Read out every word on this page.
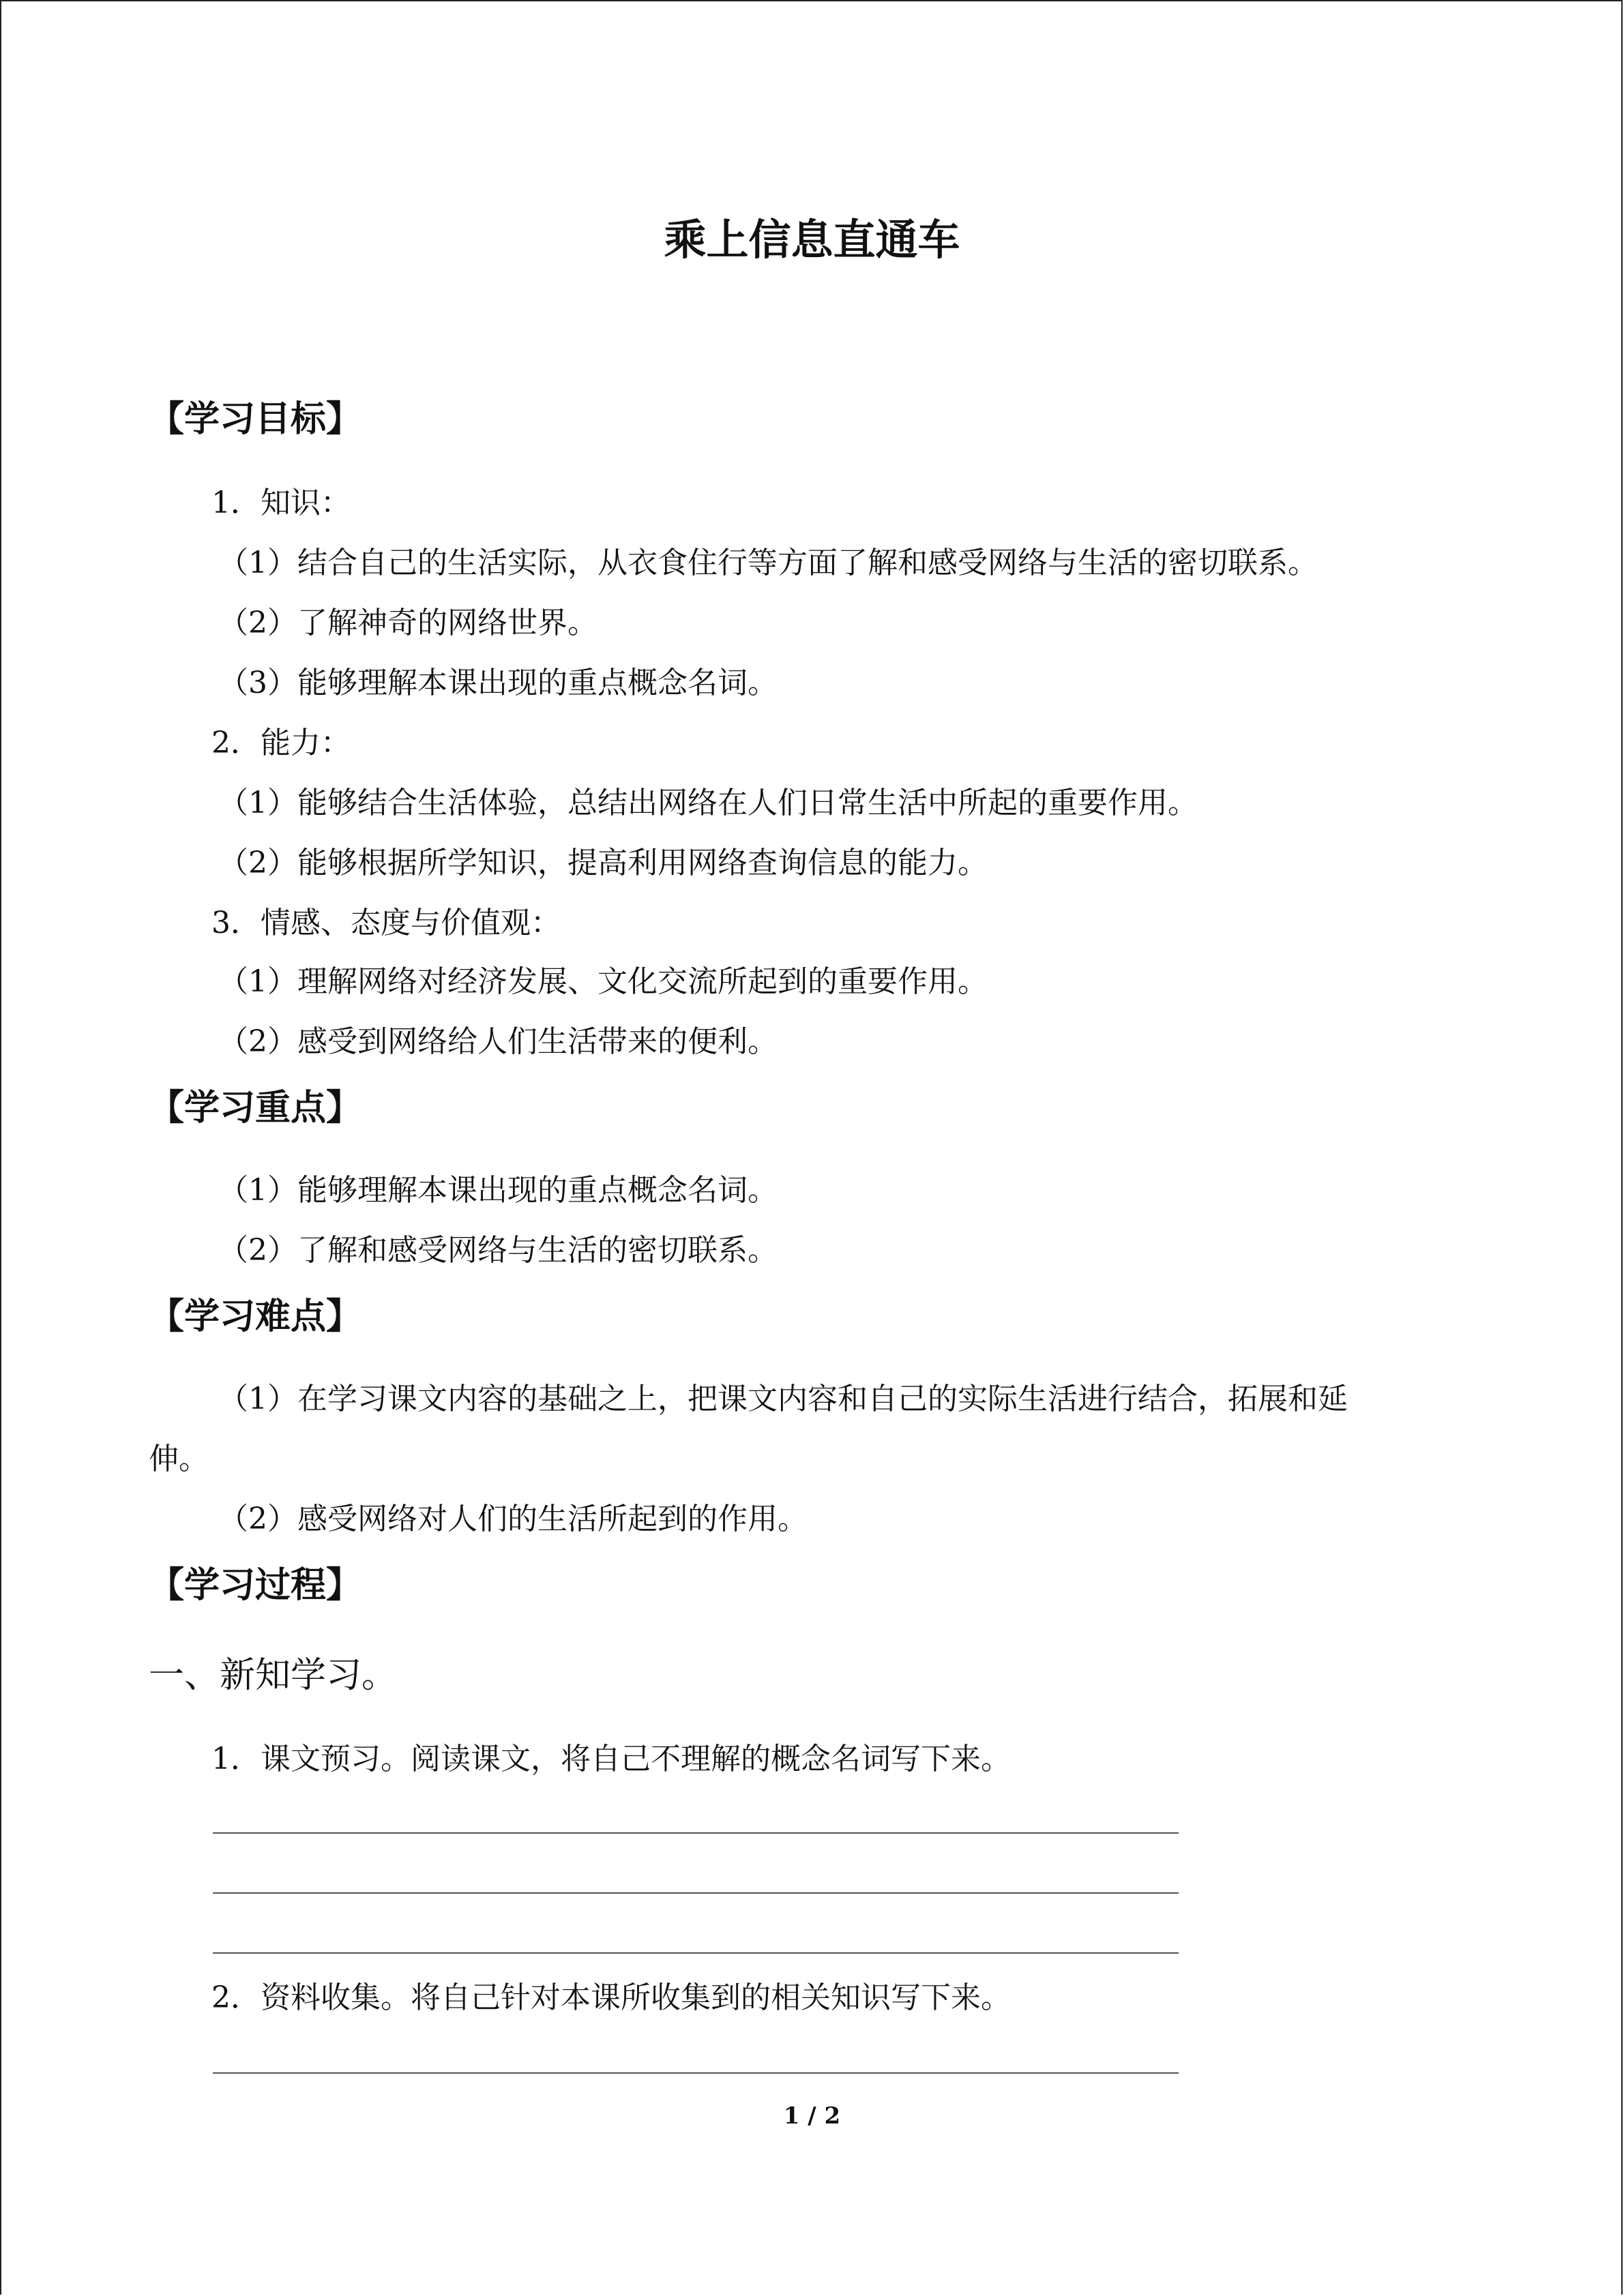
乘上信息直通车
【学习目标】
1．知识：
（1）结合自己的生活实际，从衣食住行等方面了解和感受网络与生活的密切联系。
（2）了解神奇的网络世界。
（3）能够理解本课出现的重点概念名词。
2．能力：
（1）能够结合生活体验，总结出网络在人们日常生活中所起的重要作用。
（2）能够根据所学知识，提高利用网络查询信息的能力。
3．情感、态度与价值观：
（1）理解网络对经济发展、文化交流所起到的重要作用。
（2）感受到网络给人们生活带来的便利。
【学习重点】
（1）能够理解本课出现的重点概念名词。
（2）了解和感受网络与生活的密切联系。
【学习难点】
（1）在学习课文内容的基础之上，把课文内容和自己的实际生活进行结合，拓展和延
伸。
（2）感受网络对人们的生活所起到的作用。
【学习过程】
一、新知学习。
1．课文预习。阅读课文，将自己不理解的概念名词写下来。
2．资料收集。将自己针对本课所收集到的相关知识写下来。
1 / 2
